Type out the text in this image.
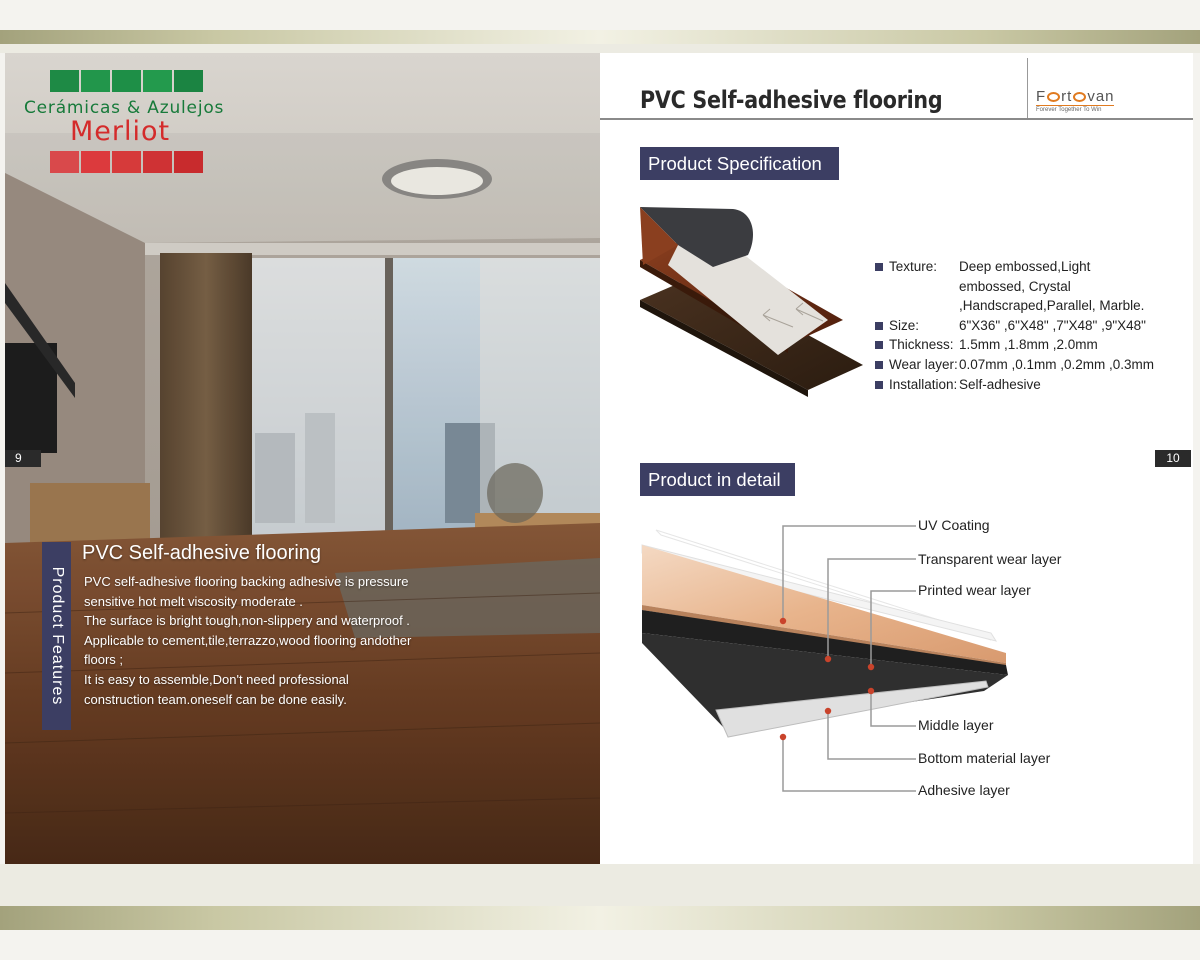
Cerámicas & Azulejos
Merliot
9
Product Features
PVC Self-adhesive flooring

PVC self-adhesive flooring backing adhesive is pressure sensitive hot melt viscosity moderate .

The surface is bright tough,non-slippery and waterproof .

Applicable to cement,tile,terrazzo,wood flooring andother floors ;

It is easy to assemble,Don't need professional construction team.oneself can be done easily.

PVC Self-adhesive flooring	F rt van
Forever Together To Win
Product Specification
Texture:	Deep embossed,Light embossed, Crystal ,Handscraped,Parallel, Marble.
Size:	6"X36" ,6"X48" ,7"X48" ,9"X48"
Thickness: 1.5mm ,1.8mm ,2.0mm
Wear layer: 0.07mm ,0.1mm ,0.2mm ,0.3mm
Installation: Self-adhesive
10
Product in detail
UV Coating
Transparent wear layer
Printed wear layer
Middle layer
Bottom material layer
Adhesive layer
